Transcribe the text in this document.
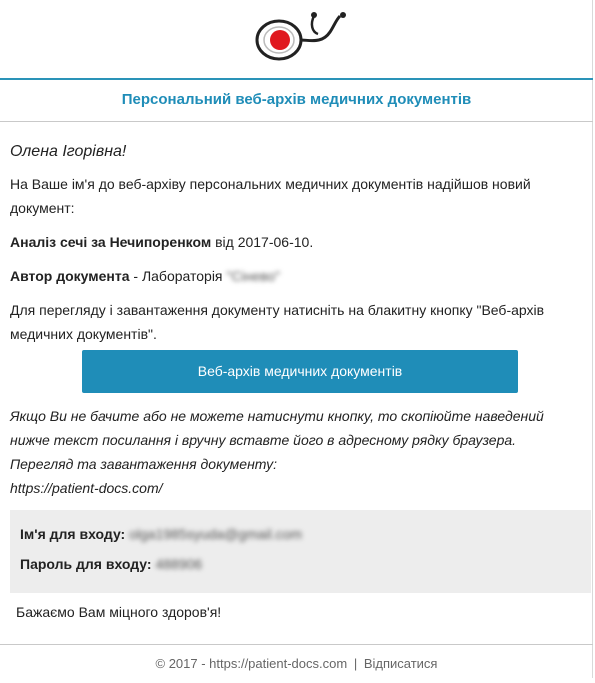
Персональний веб-архів медичних документів
Олена Ігорівна!
На Ваше ім'я до веб-архіву персональних медичних документів надійшов новий документ:
Аналіз сечі за Нечипоренком від 2017-06-10.
Автор документа - Лабораторія "Сінево"
Для перегляду і завантаження документу натисніть на блакитну кнопку "Веб-архів медичних документів".
Веб-архів медичних документів
Якщо Ви не бачите або не можете натиснути кнопку, то скопіюйте наведений нижче текст посилання і вручну вставте його в адресному рядку браузера.
Перегляд та завантаження документу:
https://patient-docs.com/
Ім'я для входу: olga1985syuda@gmail.com
Пароль для входу: 488906
Бажаємо Вам міцного здоров'я!
© 2017 - https://patient-docs.com | Відписатися
